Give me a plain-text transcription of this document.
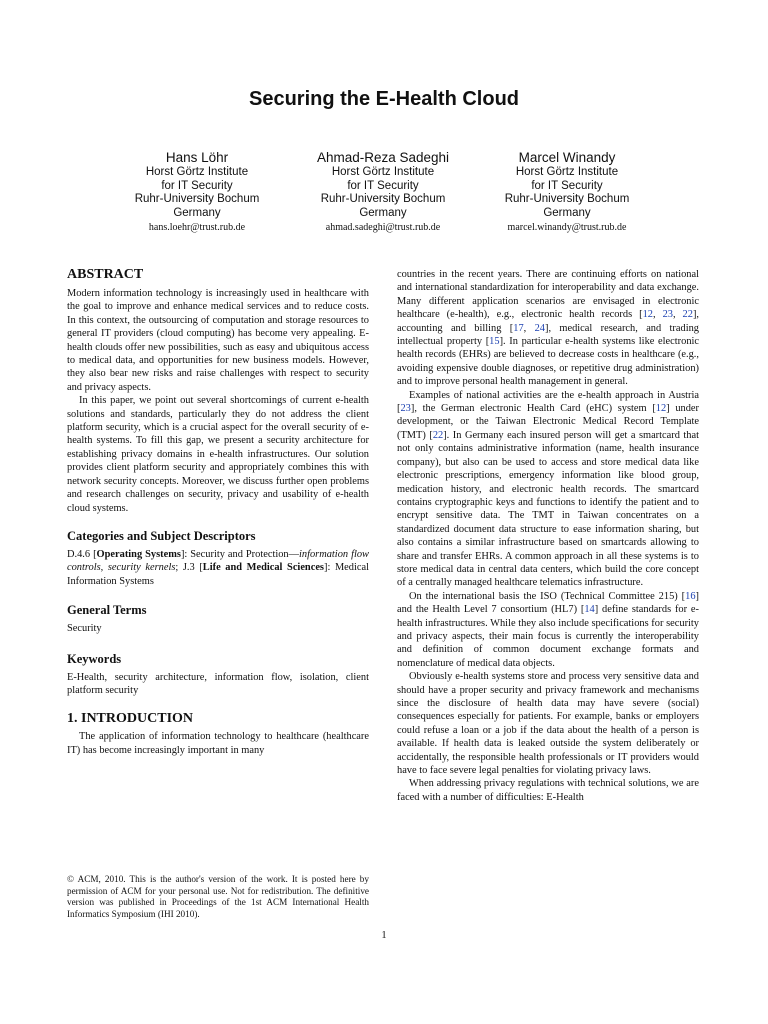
Securing the E-Health Cloud
Hans Löhr
Horst Görtz Institute
for IT Security
Ruhr-University Bochum
Germany
hans.loehr@trust.rub.de
Ahmad-Reza Sadeghi
Horst Görtz Institute
for IT Security
Ruhr-University Bochum
Germany
ahmad.sadeghi@trust.rub.de
Marcel Winandy
Horst Görtz Institute
for IT Security
Ruhr-University Bochum
Germany
marcel.winandy@trust.rub.de
ABSTRACT

Modern information technology is increasingly used in healthcare with the goal to improve and enhance medical services and to reduce costs. In this context, the outsourcing of computation and storage resources to general IT providers (cloud computing) has become very appealing. E-health clouds offer new possibilities, such as easy and ubiquitous access to medical data, and opportunities for new business models. However, they also bear new risks and raise challenges with respect to security and privacy aspects.

In this paper, we point out several shortcomings of current e-health solutions and standards, particularly they do not address the client platform security, which is a crucial aspect for the overall security of e-health systems. To fill this gap, we present a security architecture for establishing privacy domains in e-health infrastructures. Our solution provides client platform security and appropriately combines this with network security concepts. Moreover, we discuss further open problems and research challenges on security, privacy and usability of e-health cloud systems.

Categories and Subject Descriptors

D.4.6 [Operating Systems]: Security and Protection—information flow controls, security kernels; J.3 [Life and Medical Sciences]: Medical Information Systems

General Terms

Security

Keywords

E-Health, security architecture, information flow, isolation, client platform security

1. INTRODUCTION

The application of information technology to healthcare (healthcare IT) has become increasingly important in many

© ACM, 2010. This is the author's version of the work. It is posted here by permission of ACM for your personal use. Not for redistribution. The definitive version was published in Proceedings of the 1st ACM International Health Informatics Symposium (IHI 2010).

countries in the recent years. There are continuing efforts on national and international standardization for interoperability and data exchange. Many different application scenarios are envisaged in electronic healthcare (e-health), e.g., electronic health records [12, 23, 22], accounting and billing [17, 24], medical research, and trading intellectual property [15]. In particular e-health systems like electronic health records (EHRs) are believed to decrease costs in healthcare (e.g., avoiding expensive double diagnoses, or repetitive drug administration) and to improve personal health management in general.

Examples of national activities are the e-health approach in Austria [23], the German electronic Health Card (eHC) system [12] under development, or the Taiwan Electronic Medical Record Template (TMT) [22]. In Germany each insured person will get a smartcard that not only contains administrative information (name, health insurance company), but also can be used to access and store medical data like electronic prescriptions, emergency information like blood group, medication history, and electronic health records. The smartcard contains cryptographic keys and functions to identify the patient and to encrypt sensitive data. The TMT in Taiwan concentrates on a standardized document data structure to ease information sharing, but also contains a similar infrastructure based on smartcards allowing to share and transfer EHRs. A common approach in all these systems is to store medical data in central data centers, which build the core concept of a centrally managed healthcare telematics infrastructure.

On the international basis the ISO (Technical Committee 215) [16] and the Health Level 7 consortium (HL7) [14] define standards for e-health infrastructures. While they also include specifications for security and privacy aspects, their main focus is currently the interoperability and definition of common document exchange formats and nomenclature of medical data objects.

Obviously e-health systems store and process very sensitive data and should have a proper security and privacy framework and mechanisms since the disclosure of health data may have severe (social) consequences especially for patients. For example, banks or employers could refuse a loan or a job if the data about the health of a person is available. If health data is leaked outside the system deliberately or accidentally, the responsible health professionals or IT providers would have to face severe legal penalties for violating privacy laws.

When addressing privacy regulations with technical solutions, we are faced with a number of difficulties: E-Health

1
